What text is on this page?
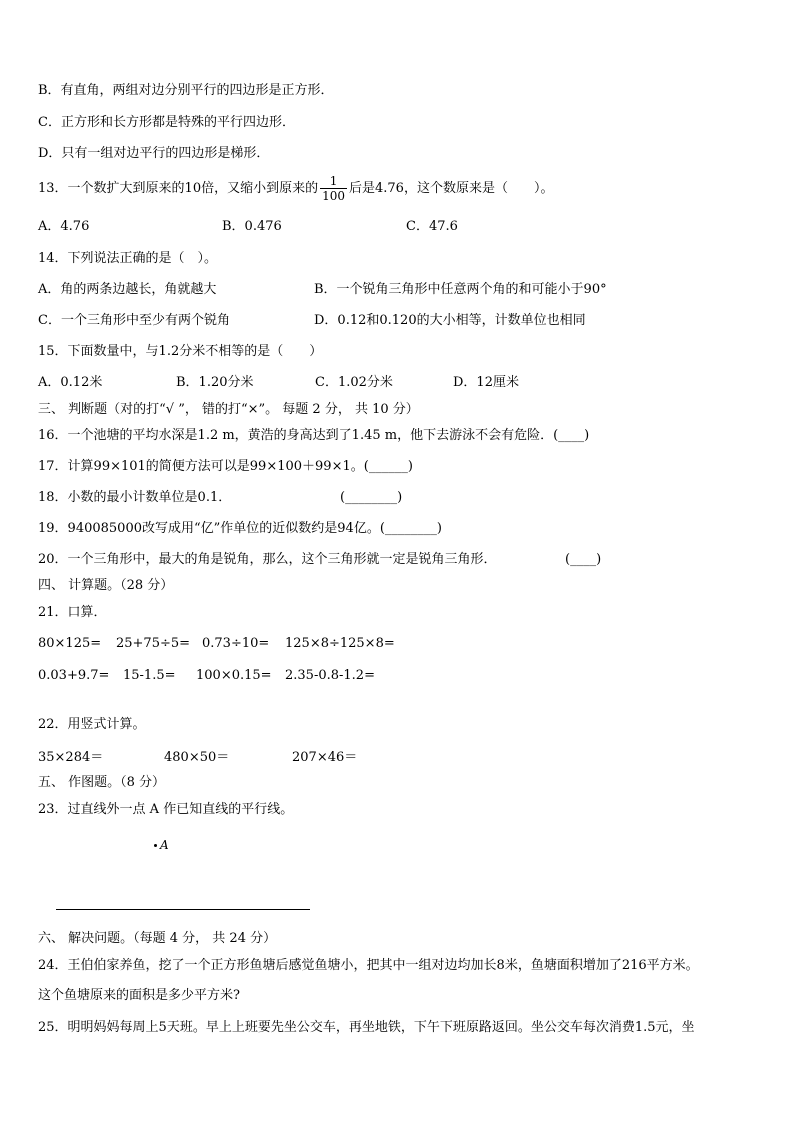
B．有直角，两组对边分别平行的四边形是正方形．
C．正方形和长方形都是特殊的平行四边形．
D．只有一组对边平行的四边形是梯形．
13．一个数扩大到原来的10倍，又缩小到原来的 $\frac{1}{100}$ 后是4.76，这个数原来是（　　）。
A．4.76	B．0.476	C．47.6
14．下列说法正确的是（　）。
A．角的两条边越长，角就越大	B．一个锐角三角形中任意两个角的和可能小于90°
C．一个三角形中至少有两个锐角	D．0.12和0.120的大小相等，计数单位也相同
15．下面数量中，与1.2分米不相等的是（　　）
A．0.12米	B．1.20分米	C．1.02分米	D．12厘米
三、 判断题（对的打“√ ”， 错的打“×”。 每题 2 分， 共 10 分）
16．一个池塘的平均水深是1.2 m，黄浩的身高达到了1.45 m，他下去游泳不会有危险．(____)
17．计算99×101的简便方法可以是99×100＋99×1。(______)
18．小数的最小计数单位是0.1．	(________)
19．940085000改写成用“亿”作单位的近似数约是94亿。(________)
20．一个三角形中，最大的角是锐角，那么，这个三角形就一定是锐角三角形．	(____)
四、 计算题。（28 分）
21．口算．
80×125= 25+75÷5= 0.73÷10= 125×8÷125×8=
0.03+9.7= 15-1.5= 100×0.15= 2.35-0.8-1.2=
22．用竖式计算。
35×284＝	480×50＝	207×46＝
五、 作图题。（8 分）
23．过直线外一点 A 作已知直线的平行线。
A
六、 解决问题。（每题 4 分， 共 24 分）
24．王伯伯家养鱼，挖了一个正方形鱼塘后感觉鱼塘小，把其中一组对边均加长8米，鱼塘面积增加了216平方米。
这个鱼塘原来的面积是多少平方米?
25．明明妈妈每周上5天班。早上上班要先坐公交车，再坐地铁，下午下班原路返回。坐公交车每次消费1.5元，坐
